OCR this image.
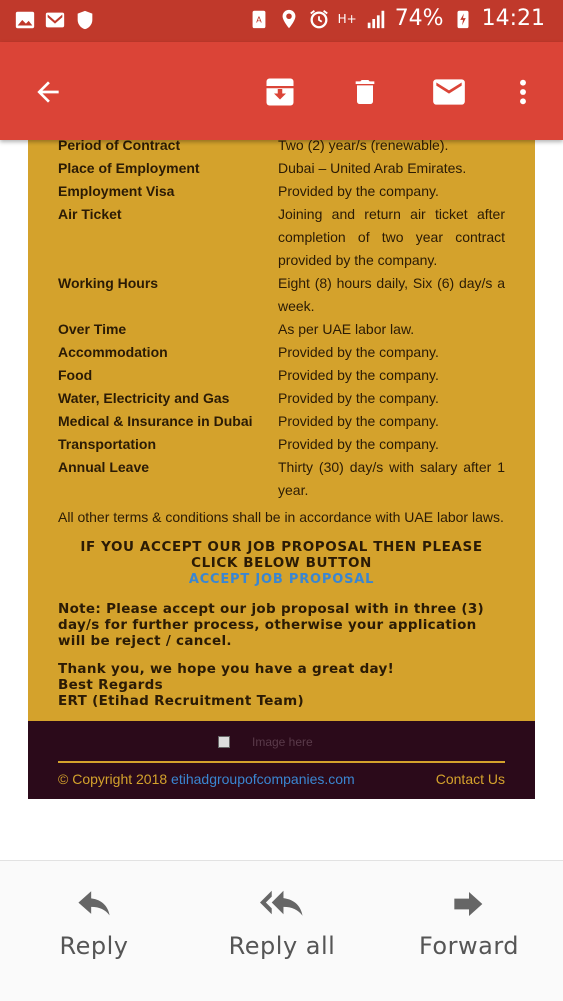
A	H+ 74% 14:21
Period of Contract	Two (2) year/s (renewable).
Place of Employment	Dubai – United Arab Emirates.
Employment Visa	Provided by the company.
Air Ticket	Joining and return air ticket after completion of two year contract provided by the company.
Working Hours	Eight (8) hours daily, Six (6) day/s a week.
Over Time	As per UAE labor law.
Accommodation	Provided by the company.
Food	Provided by the company.
Water, Electricity and Gas	Provided by the company.
Medical & Insurance in Dubai	Provided by the company.
Transportation	Provided by the company.
Annual Leave	Thirty (30) day/s with salary after 1 year.
All other terms & conditions shall be in accordance with UAE labor laws.
IF YOU ACCEPT OUR JOB PROPOSAL THEN PLEASE CLICK BELOW BUTTON
ACCEPT JOB PROPOSAL
Note: Please accept our job proposal with in three (3) day/s for further process, otherwise your application will be reject / cancel.
Thank you, we hope you have a great day!
Best Regards
ERT (Etihad Recruitment Team)
Image here
© Copyright 2018 etihadgroupofcompanies.com	Contact Us
Reply	Reply all	Forward
